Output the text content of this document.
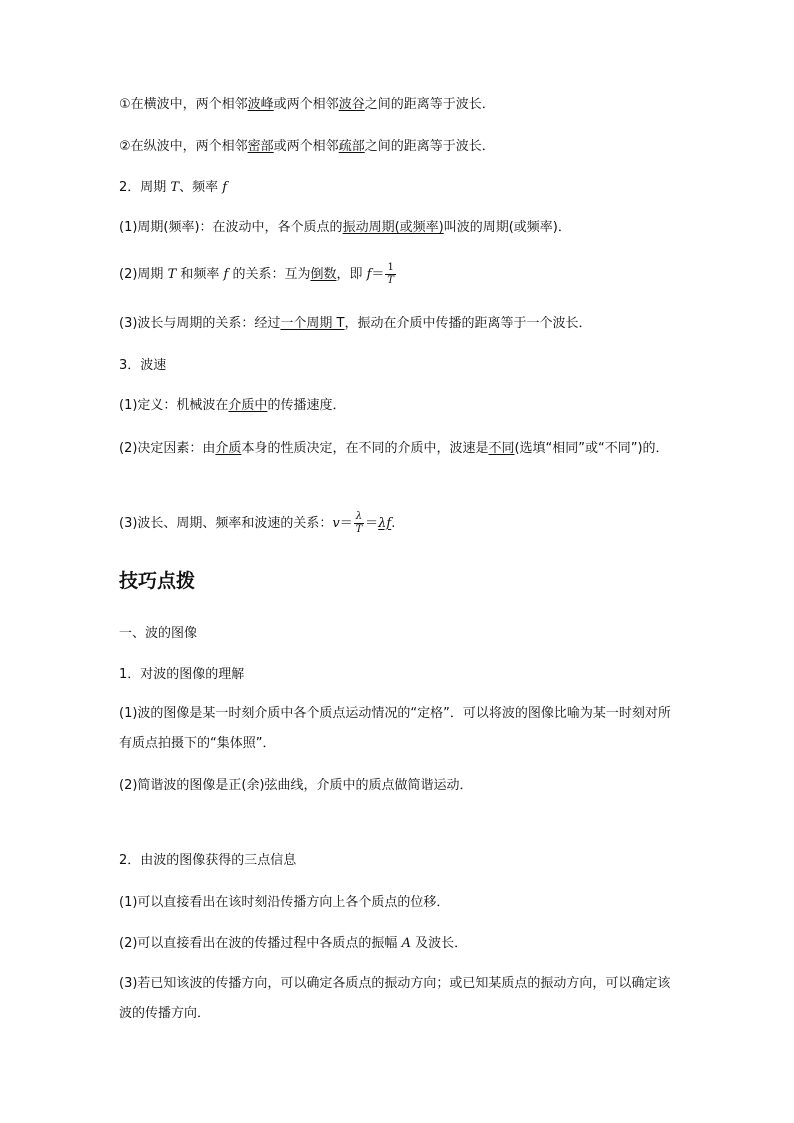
①在横波中，两个相邻波峰或两个相邻波谷之间的距离等于波长．
②在纵波中，两个相邻密部或两个相邻疏部之间的距离等于波长．
2．周期 T、频率 f
(1)周期(频率)：在波动中，各个质点的振动周期(或频率)叫波的周期(或频率)．
(2)周期 T 和频率 f 的关系：互为倒数，即 $f= \frac{1}{T}$
(3)波长与周期的关系：经过一个周期 T，振动在介质中传播的距离等于一个波长．
3．波速
(1)定义：机械波在介质中的传播速度．
(2)决定因素：由介质本身的性质决定，在不同的介质中，波速是不同(选填“相同”或“不同”)的．
(3)波长、周期、频率和波速的关系：$v= \frac{\lambda}{T} =\lambda f$.
技巧点拨
一、波的图像
1．对波的图像的理解
(1)波的图像是某一时刻介质中各个质点运动情况的“定格”．可以将波的图像比喻为某一时刻对所有质点拍摄下的“集体照”．
(2)简谐波的图像是正(余)弦曲线，介质中的质点做简谐运动．
2．由波的图像获得的三点信息
(1)可以直接看出在该时刻沿传播方向上各个质点的位移．
(2)可以直接看出在波的传播过程中各质点的振幅 A 及波长．
(3)若已知该波的传播方向，可以确定各质点的振动方向；或已知某质点的振动方向，可以确定该波的传播方向．
